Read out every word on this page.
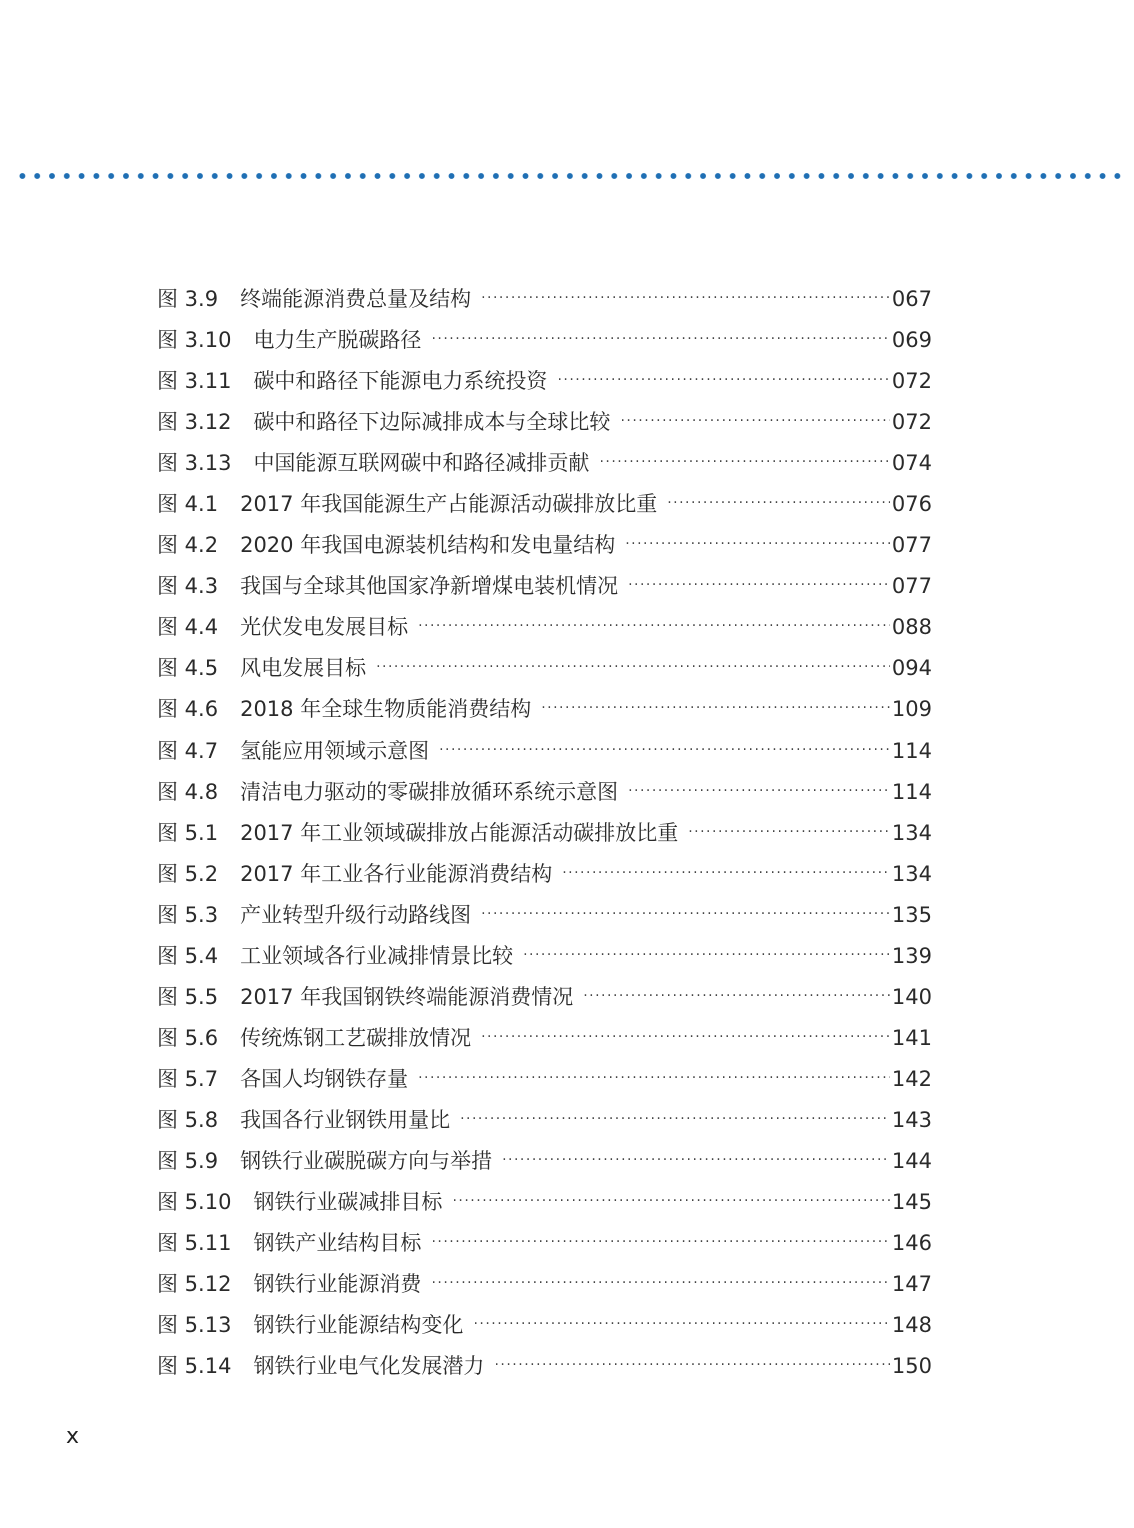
图 3.9 终端能源消费总量及结构 ·····	067
图 3.10 电力生产脱碳路径 ·····	069
图 3.11 碳中和路径下能源电力系统投资 ·····	072
图 3.12 碳中和路径下边际减排成本与全球比较 ·····	072
图 3.13 中国能源互联网碳中和路径减排贡献 ·····	074
图 4.1 2017 年我国能源生产占能源活动碳排放比重 ·····	076
图 4.2 2020 年我国电源装机结构和发电量结构 ·····	077
图 4.3 我国与全球其他国家净新增煤电装机情况 ·····	077
图 4.4 光伏发电发展目标 ·····	088
图 4.5 风电发展目标 ·····	094
图 4.6 2018 年全球生物质能消费结构 ·····	109
图 4.7 氢能应用领域示意图 ·····	114
图 4.8 清洁电力驱动的零碳排放循环系统示意图 ·····	114
图 5.1 2017 年工业领域碳排放占能源活动碳排放比重 ·····	134
图 5.2 2017 年工业各行业能源消费结构 ·····	134
图 5.3 产业转型升级行动路线图 ·····	135
图 5.4 工业领域各行业减排情景比较 ·····	139
图 5.5 2017 年我国钢铁终端能源消费情况 ·····	140
图 5.6 传统炼钢工艺碳排放情况 ·····	141
图 5.7 各国人均钢铁存量 ·····	142
图 5.8 我国各行业钢铁用量比 ·····	143
图 5.9 钢铁行业碳脱碳方向与举措 ·····	144
图 5.10 钢铁行业碳减排目标 ·····	145
图 5.11 钢铁产业结构目标 ·····	146
图 5.12 钢铁行业能源消费 ·····	147
图 5.13 钢铁行业能源结构变化 ·····	148
图 5.14 钢铁行业电气化发展潜力 ·····	150
x
